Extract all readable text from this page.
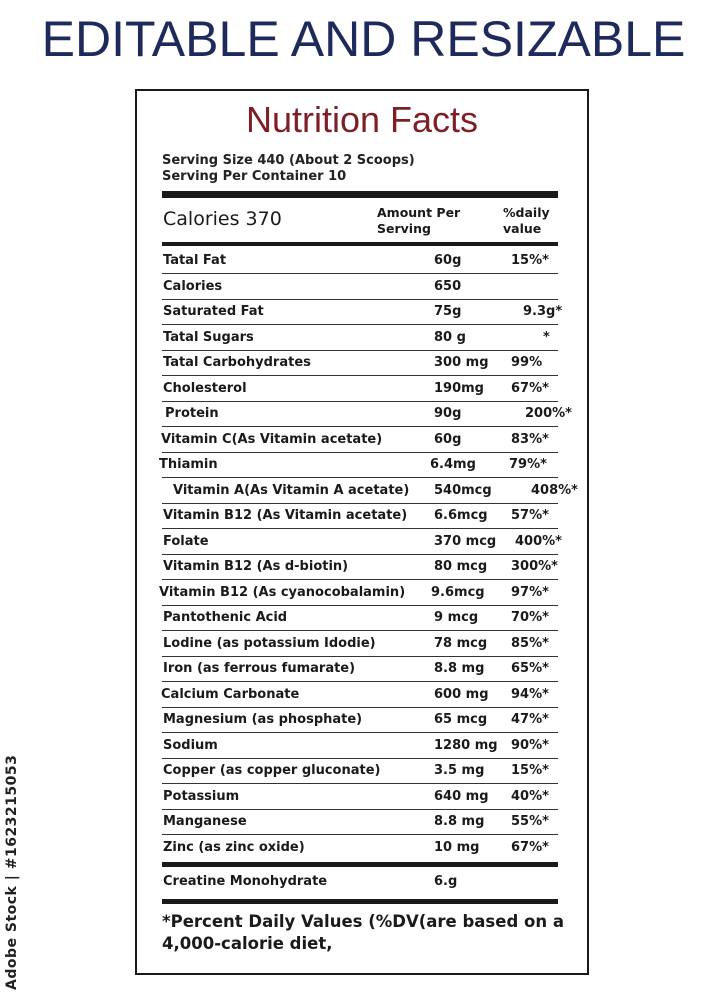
EDITABLE AND RESIZABLE
Nutrition Facts
Serving Size 440 (About 2 Scoops)
Serving Per Container 10
Calories 370	Amount Per
Serving
%daily
value
Tatal Fat	60g	15%*
Calories	650
Saturated Fat	75g	9.3g*
Tatal Sugars	80 g	*
Tatal Carbohydrates	300 mg 99%
Cholesterol	190mg 67%*
Protein	90g	200%*
Vitamin C(As Vitamin acetate)	60g	83%*
Thiamin	6.4mg	79%*
Vitamin A(As Vitamin A acetate) 540mcg	408%*
Vitamin B12 (As Vitamin acetate) 6.6mcg 57%*
Folate	370 mcg 400%*
Vitamin B12 (As d-biotin)	80 mcg 300%*
Vitamin B12 (As cyanocobalamin) 9.6mcg 97%*
Pantothenic Acid	9 mcg	70%*
Lodine (as potassium Idodie)	78 mcg 85%*
Iron (as ferrous fumarate)	8.8 mg 65%*
Calcium Carbonate	600 mg 94%*
Magnesium (as phosphate)	65 mcg 47%*
Sodium	1280 mg 90%*
Copper (as copper gluconate)	3.5 mg 15%*
Potassium	640 mg 40%*
Manganese	8.8 mg 55%*
Zinc (as zinc oxide)	10 mg 67%*
Creatine Monohydrate	6.g
*Percent Daily Values (%DV(are based on a 4,000-calorie diet,
Adobe Stock | #1623215053
